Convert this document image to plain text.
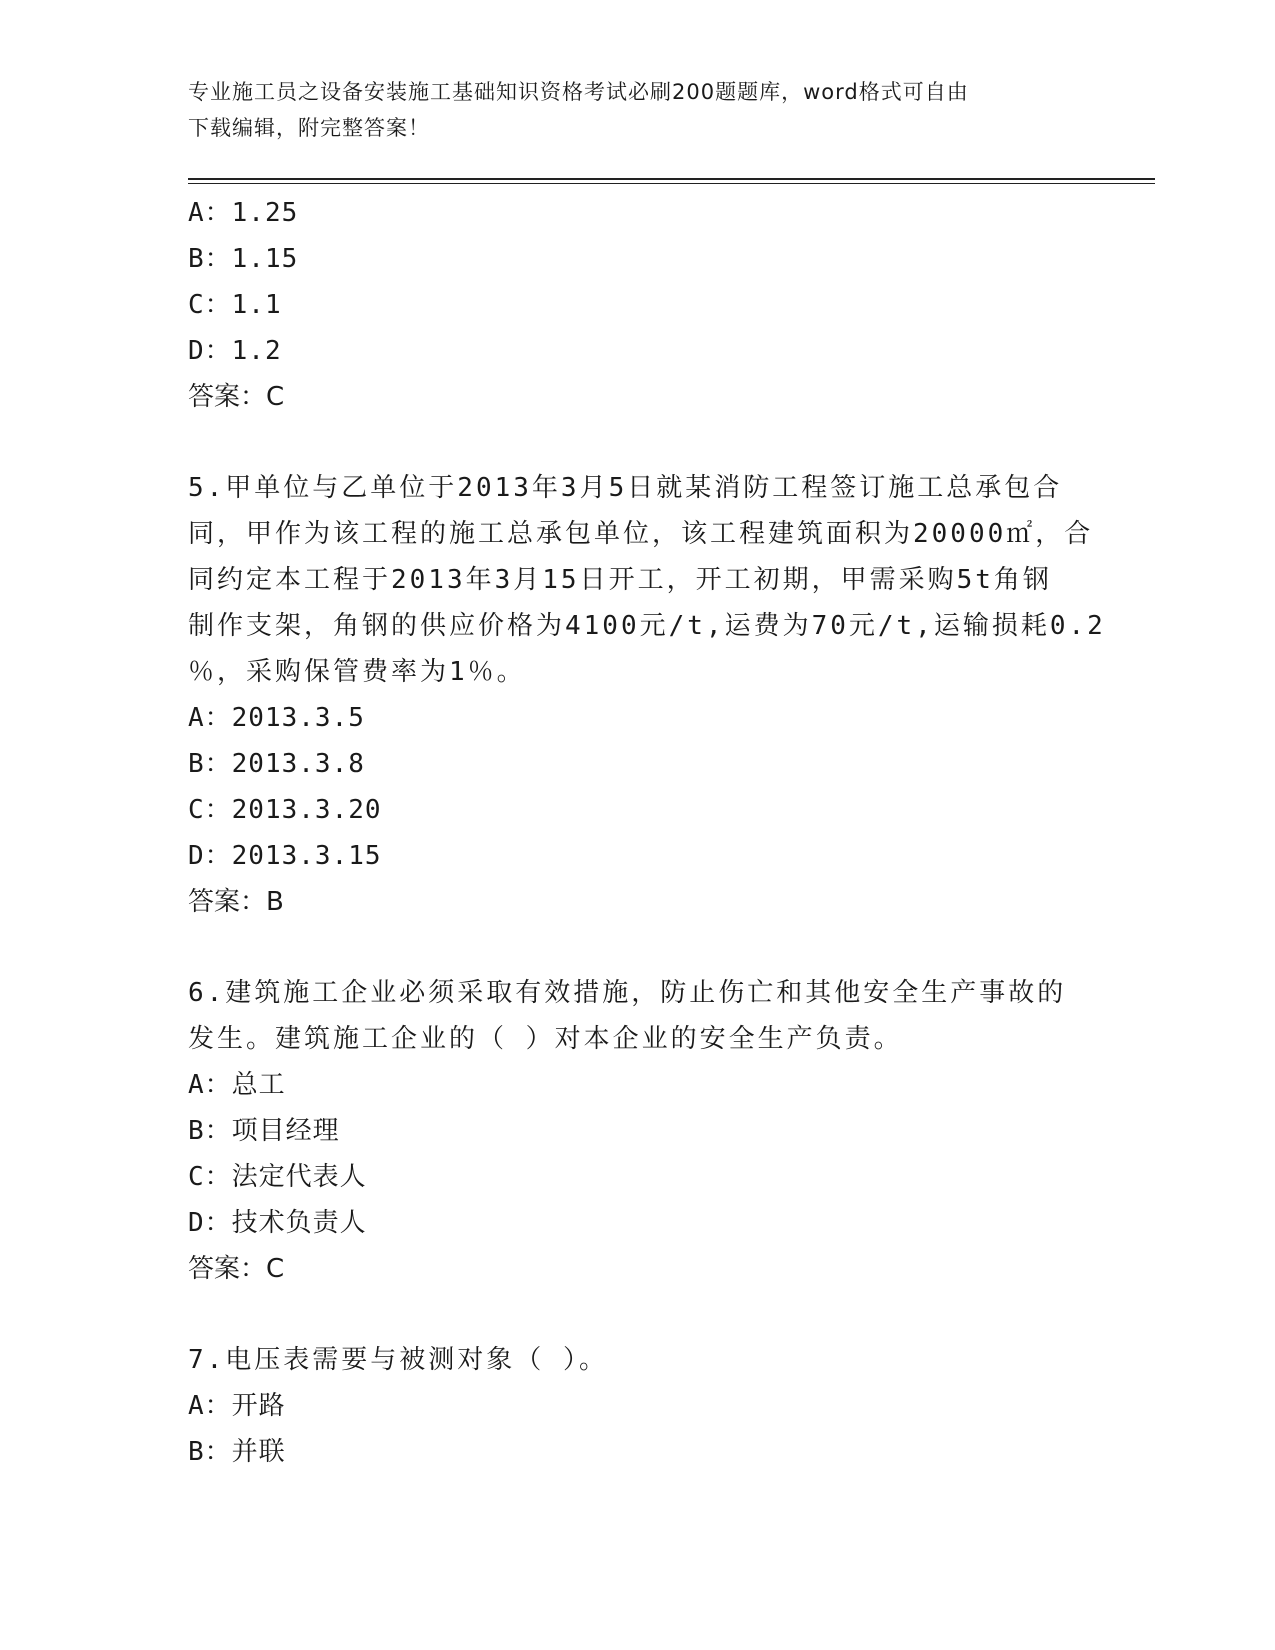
专业施工员之设备安装施工基础知识资格考试必刷200题题库，word格式可自由
下载编辑，附完整答案！
A：1.25
B：1.15
C：1.1
D：1.2
答案：C
5.甲单位与乙单位于2013年3月5日就某消防工程签订施工总承包合
同，甲作为该工程的施工总承包单位，该工程建筑面积为20000㎡，合
同约定本工程于2013年3月15日开工，开工初期，甲需采购5t角钢
制作支架，角钢的供应价格为4100元/t,运费为70元/t,运输损耗0.2
％，采购保管费率为1％。
A：2013.3.5
B：2013.3.8
C：2013.3.20
D：2013.3.15
答案：B
6.建筑施工企业必须采取有效措施，防止伤亡和其他安全生产事故的
发生。建筑施工企业的（ ）对本企业的安全生产负责。
A：总工
B：项目经理
C：法定代表人
D：技术负责人
答案：C
7.电压表需要与被测对象（ ）。
A：开路
B：并联
